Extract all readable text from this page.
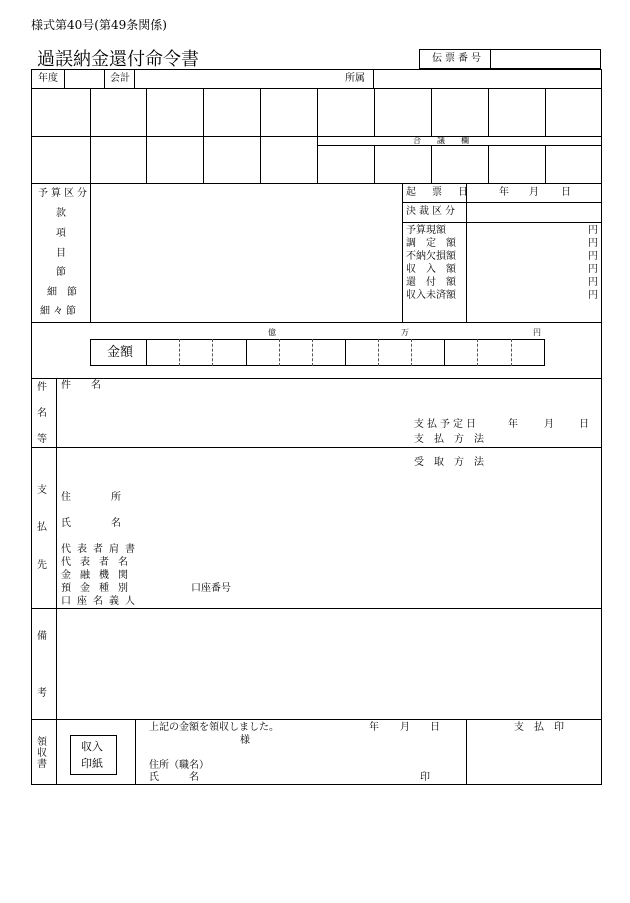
様式第40号(第49条関係)
過誤納金還付命令書	伝票番号
年度	会計	所属
合　　議　　欄
予算区分
款
項
目
節
細　節
細々節
起　票　日	年 月 日
決裁区分
予算現額	円
調　定　額	円
不納欠損額	円
収　入　額	円
還　付　額	円
収入未済額	円
億	万	円
金額
件
名
等
件　　名
支払予定日	年	月	日
支　払　方　法
支
払
先
受　取　方　法
住　　　　所
氏　　　　名
代表者肩書
代表者名
金融機関
預金種別	口座番号
口座名義人
備
考
領
収
書
収入
印紙
上記の金額を領収しました。	年 月 日
様
住所（職名）
氏　　　名	印
支　払　印
